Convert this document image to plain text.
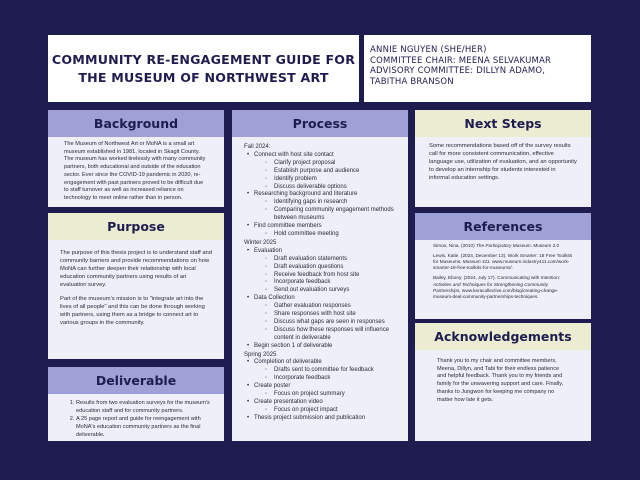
COMMUNITY RE-ENGAGEMENT GUIDE FOR
THE MUSEUM OF NORTHWEST ART
ANNIE NGUYEN (SHE/HER)
COMMITTEE CHAIR: MEENA SELVAKUMAR
ADVISORY COMMITTEE: DILLYN ADAMO,
TABITHA BRANSON
Background
The Museum of Northwest Art or MoNA is a small art museum established in 1981, located in Skagit County. The museum has worked tirelessly with many community partners, both educational and outside of the education sector. Ever since the COVID-19 pandemic in 2020, re-engagement with past partners proved to be difficult due to staff turnover as well as increased reliance on technology to meet online rather than in person.
Purpose

The purpose of this thesis project is to understand staff and community barriers and provide recommendations on how MoNA can further deepen their relationship with local education community partners using results of an evaluation survey.

Part of the museum's mission is to "integrate art into the lives of all people" and this can be done through working with partners, using them as a bridge to connect art to various groups in the community.

Deliverable
1. Results from two evaluation surveys for the museum's education staff and for community partners.
2. A 25 page report and guide for reengagement with MoNA's education community partners as the final deliverable.
Process
Fall 2024:
• Connect with host site contact
◦ Clarify project proposal
◦ Establish purpose and audience
◦ Identify problem
◦ Discuss deliverable options
• Researching background and literature
◦ Identifying gaps in research
◦ Comparing community engagement methods between museums
• Find committee members
◦ Hold committee meeting
Winter 2025
• Evaluation
◦ Draft evaluation statements
◦ Draft evaluation questions
◦ Receive feedback from host site
◦ Incorporate feedback
◦ Send out evaluation surveys
• Data Collection
◦ Gather evaluation responses
◦ Share responses with host site
◦ Discuss what gaps are seen in responses
◦ Discuss how these responses will influence content in deliverable
• Begin section 1 of deliverable
Spring 2025
• Completion of deliverable
◦ Drafts sent to committee for feedback
◦ Incorporate feedback
• Create poster
◦ Focus on project summary
• Create presentation video
◦ Focus on project impact
• Thesis project submission and publication
Next Steps
Some recommendations based off of the survey results call for more consistent communication, effective language use, utilization of evaluation, and an opportunity to develop an internship for students interested in informal education settings.
References
Simon, Nina. (2010) The Participatory Museum. Museum 2.0
Lewis, Katie. (2024, December 13). Work Smarter: 18 Free Toolkits for Museums. Museum 411. www.museum.industry411.com/work-smarter-18-free-toolkits-for-museums/.
Bailey, Ebony. (2024, July 17). Communicating with Intention: Activities and Techniques for Strengthening Community Partnerships, www.keracollective.com/blog/creating-change-museum-deal-community-partnerships-techniques.
Acknowledgements
Thank you to my chair and committee members, Meena, Dillyn, and Tabi for their endless patience and helpful feedback. Thank you to my friends and family for the unwavering support and care. Finally, thanks to Jungwon for keeping me company no matter how late it gets.
